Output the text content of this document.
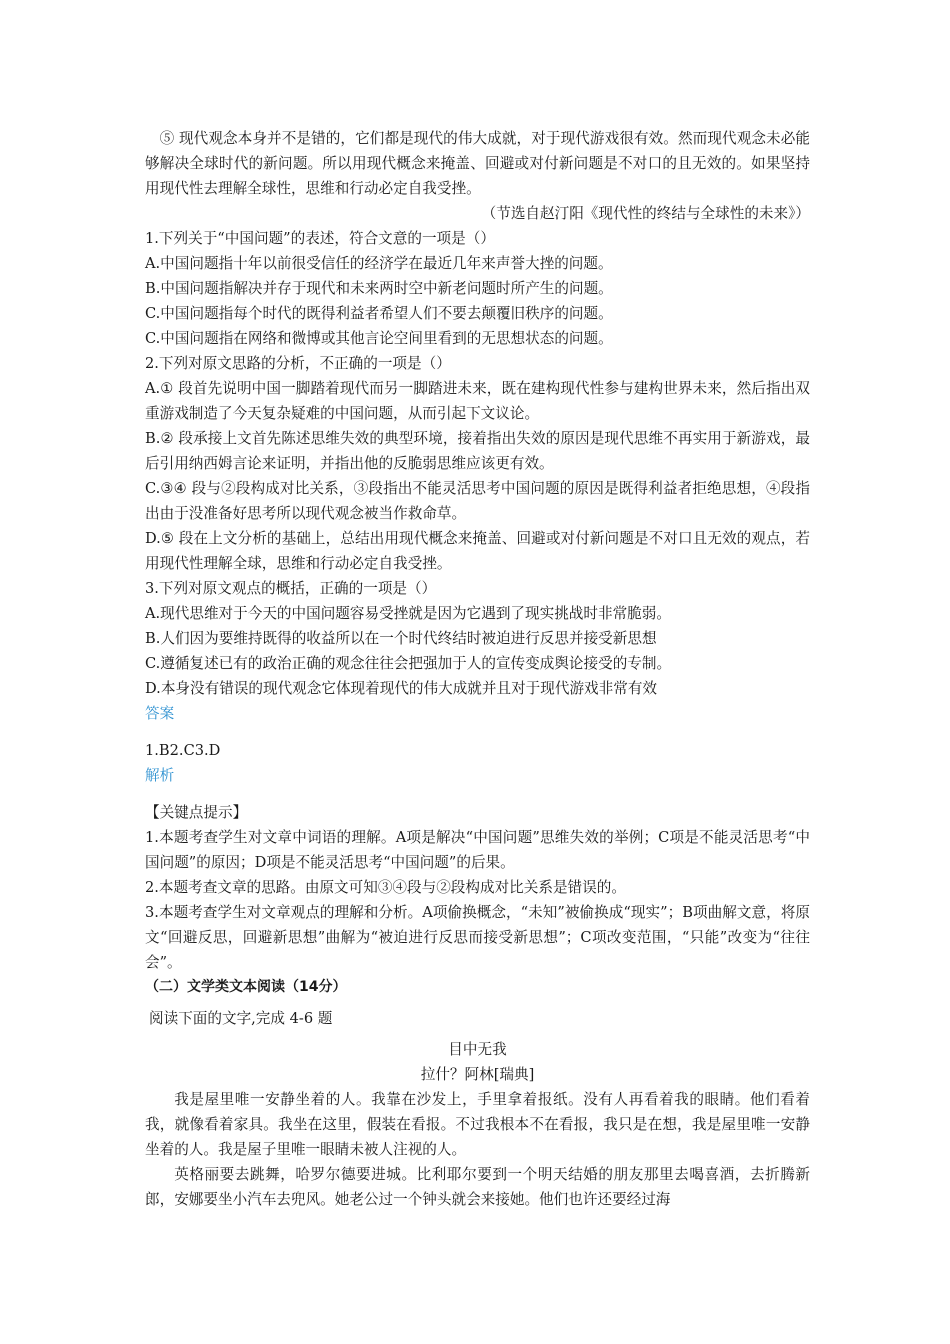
⑤ 现代观念本身并不是错的，它们都是现代的伟大成就，对于现代游戏很有效。然而现代观念未必能够解决全球时代的新问题。所以用现代概念来掩盖、回避或对付新问题是不对口的且无效的。如果坚持用现代性去理解全球性，思维和行动必定自我受挫。

（节选自赵汀阳《现代性的终结与全球性的未来》）

1.下列关于“中国问题”的表述，符合文意的一项是（）

A.中国问题指十年以前很受信任的经济学在最近几年来声誉大挫的问题。

B.中国问题指解决并存于现代和未来两时空中新老问题时所产生的问题。

C.中国问题指每个时代的既得利益者希望人们不要去颠覆旧秩序的问题。

C.中国问题指在网络和微博或其他言论空间里看到的无思想状态的问题。

2.下列对原文思路的分析，不正确的一项是（）

A.① 段首先说明中国一脚踏着现代而另一脚踏进未来，既在建构现代性参与建构世界未来，然后指出双重游戏制造了今天复杂疑难的中国问题，从而引起下文议论。

B.② 段承接上文首先陈述思维失效的典型环境，接着指出失效的原因是现代思维不再实用于新游戏，最后引用纳西姆言论来证明，并指出他的反脆弱思维应该更有效。

C.③④ 段与②段构成对比关系，③段指出不能灵活思考中国问题的原因是既得利益者拒绝思想，④段指出由于没准备好思考所以现代观念被当作救命草。

D.⑤ 段在上文分析的基础上，总结出用现代概念来掩盖、回避或对付新问题是不对口且无效的观点，若用现代性理解全球，思维和行动必定自我受挫。

3.下列对原文观点的概括，正确的一项是（）

A.现代思维对于今天的中国问题容易受挫就是因为它遇到了现实挑战时非常脆弱。

B.人们因为要维持既得的收益所以在一个时代终结时被迫进行反思并接受新思想

C.遵循复述已有的政治正确的观念往往会把强加于人的宣传变成舆论接受的专制。

D.本身没有错误的现代观念它体现着现代的伟大成就并且对于现代游戏非常有效

答案

1.B2.C3.D

解析

【关键点提示】

1.本题考查学生对文章中词语的理解。A项是解决“中国问题”思维失效的举例；C项是不能灵活思考“中国问题”的原因；D项是不能灵活思考“中国问题”的后果。

2.本题考查文章的思路。由原文可知③④段与②段构成对比关系是错误的。

3.本题考查学生对文章观点的理解和分析。A项偷换概念，“未知”被偷换成“现实”；B项曲解文意，将原文“回避反思，回避新思想”曲解为“被迫进行反思而接受新思想”；C项改变范围，“只能”改变为“往往会”。

（二）文学类文本阅读（14分）

阅读下面的文字,完成 4-6 题

目中无我

拉什？阿林[瑞典]

我是屋里唯一安静坐着的人。我靠在沙发上，手里拿着报纸。没有人再看着我的眼睛。他们看着我，就像看着家具。我坐在这里，假装在看报。不过我根本不在看报，我只是在想，我是屋里唯一安静坐着的人。我是屋子里唯一眼睛未被人注视的人。

英格丽要去跳舞，哈罗尔德要进城。比利耶尔要到一个明天结婚的朋友那里去喝喜酒，去折腾新郎，安娜要坐小汽车去兜风。她老公过一个钟头就会来接她。他们也许还要经过海
